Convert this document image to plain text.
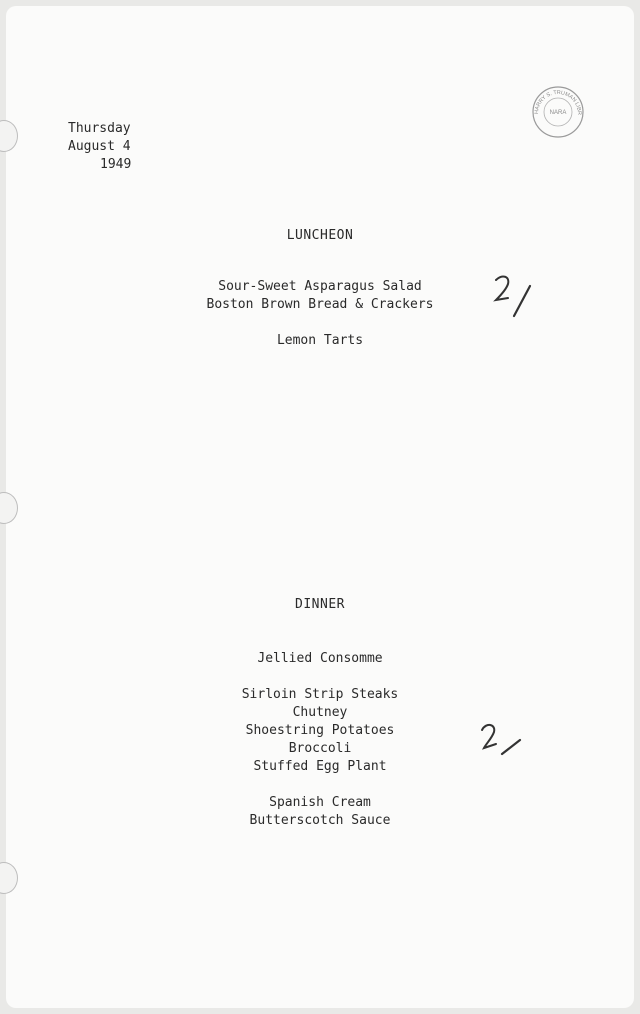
Thursday
August 4
1949
HARRY S. TRUMAN LIBR
NARA
LUNCHEON
Sour-Sweet Asparagus Salad
Boston Brown Bread & Crackers
Lemon Tarts
DINNER
Jellied Consomme
Sirloin Strip Steaks
Chutney
Shoestring Potatoes
Broccoli
Stuffed Egg Plant
Spanish Cream
Butterscotch Sauce
